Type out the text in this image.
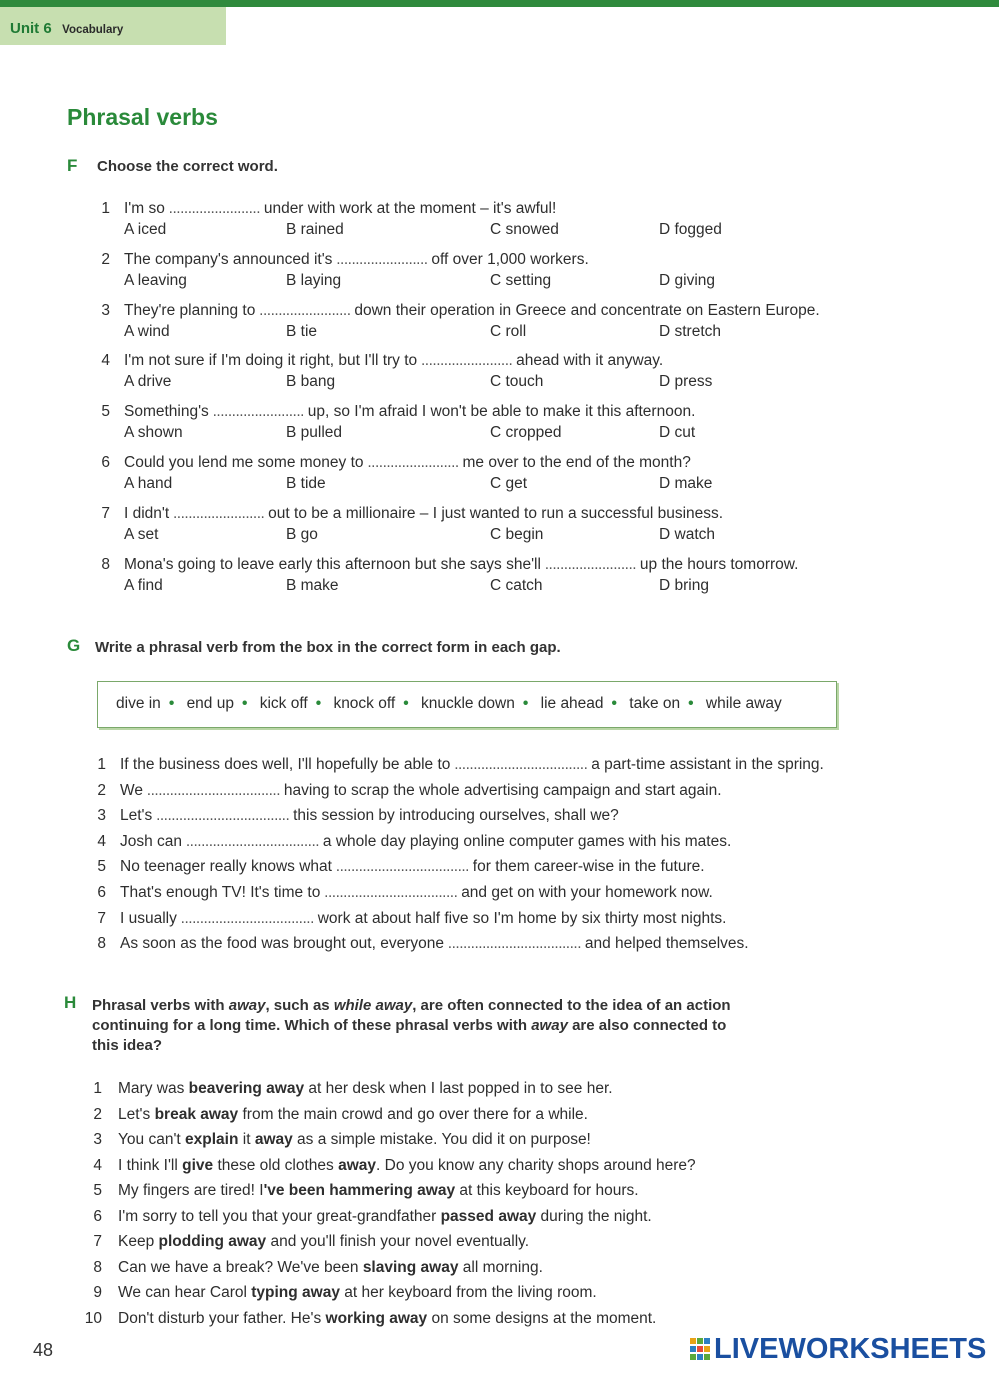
Unit 6 Vocabulary
Phrasal verbs
F Choose the correct word.
1 I'm so ........................ under with work at the moment – it's awful!
A iced	B rained	C snowed	D fogged
2 The company's announced it's ........................ off over 1,000 workers.
A leaving	B laying	C setting	D giving
3 They're planning to ........................ down their operation in Greece and concentrate on Eastern Europe.
A wind	B tie	C roll	D stretch
4 I'm not sure if I'm doing it right, but I'll try to ........................ ahead with it anyway.
A drive	B bang	C touch	D press
5 Something's ........................ up, so I'm afraid I won't be able to make it this afternoon.
A shown	B pulled	C cropped	D cut
6 Could you lend me some money to ........................ me over to the end of the month?
A hand	B tide	C get	D make
7 I didn't ........................ out to be a millionaire – I just wanted to run a successful business.
A set	B go	C begin	D watch
8 Mona's going to leave early this afternoon but she says she'll ........................ up the hours tomorrow.
A find	B make	C catch	D bring
G Write a phrasal verb from the box in the correct form in each gap.
dive in • end up • kick off • knock off • knuckle down • lie ahead • take on • while away
1 If the business does well, I'll hopefully be able to ................................... a part-time assistant in the spring.
2 We ................................... having to scrap the whole advertising campaign and start again.
3 Let's ................................... this session by introducing ourselves, shall we?
4 Josh can ................................... a whole day playing online computer games with his mates.
5 No teenager really knows what ................................... for them career-wise in the future.
6 That's enough TV! It's time to ................................... and get on with your homework now.
7 I usually ................................... work at about half five so I'm home by six thirty most nights.
8 As soon as the food was brought out, everyone ................................... and helped themselves.
H Phrasal verbs with away, such as while away, are often connected to the idea of an action
continuing for a long time. Which of these phrasal verbs with away are also connected to
this idea?
1 Mary was beavering away at her desk when I last popped in to see her.
2 Let's break away from the main crowd and go over there for a while.
3 You can't explain it away as a simple mistake. You did it on purpose!
4 I think I'll give these old clothes away. Do you know any charity shops around here?
5 My fingers are tired! I've been hammering away at this keyboard for hours.
6 I'm sorry to tell you that your great-grandfather passed away during the night.
7 Keep plodding away and you'll finish your novel eventually.
8 Can we have a break? We've been slaving away all morning.
9 We can hear Carol typing away at her keyboard from the living room.
10 Don't disturb your father. He's working away on some designs at the moment.
48	LIVEWORKSHEETS
